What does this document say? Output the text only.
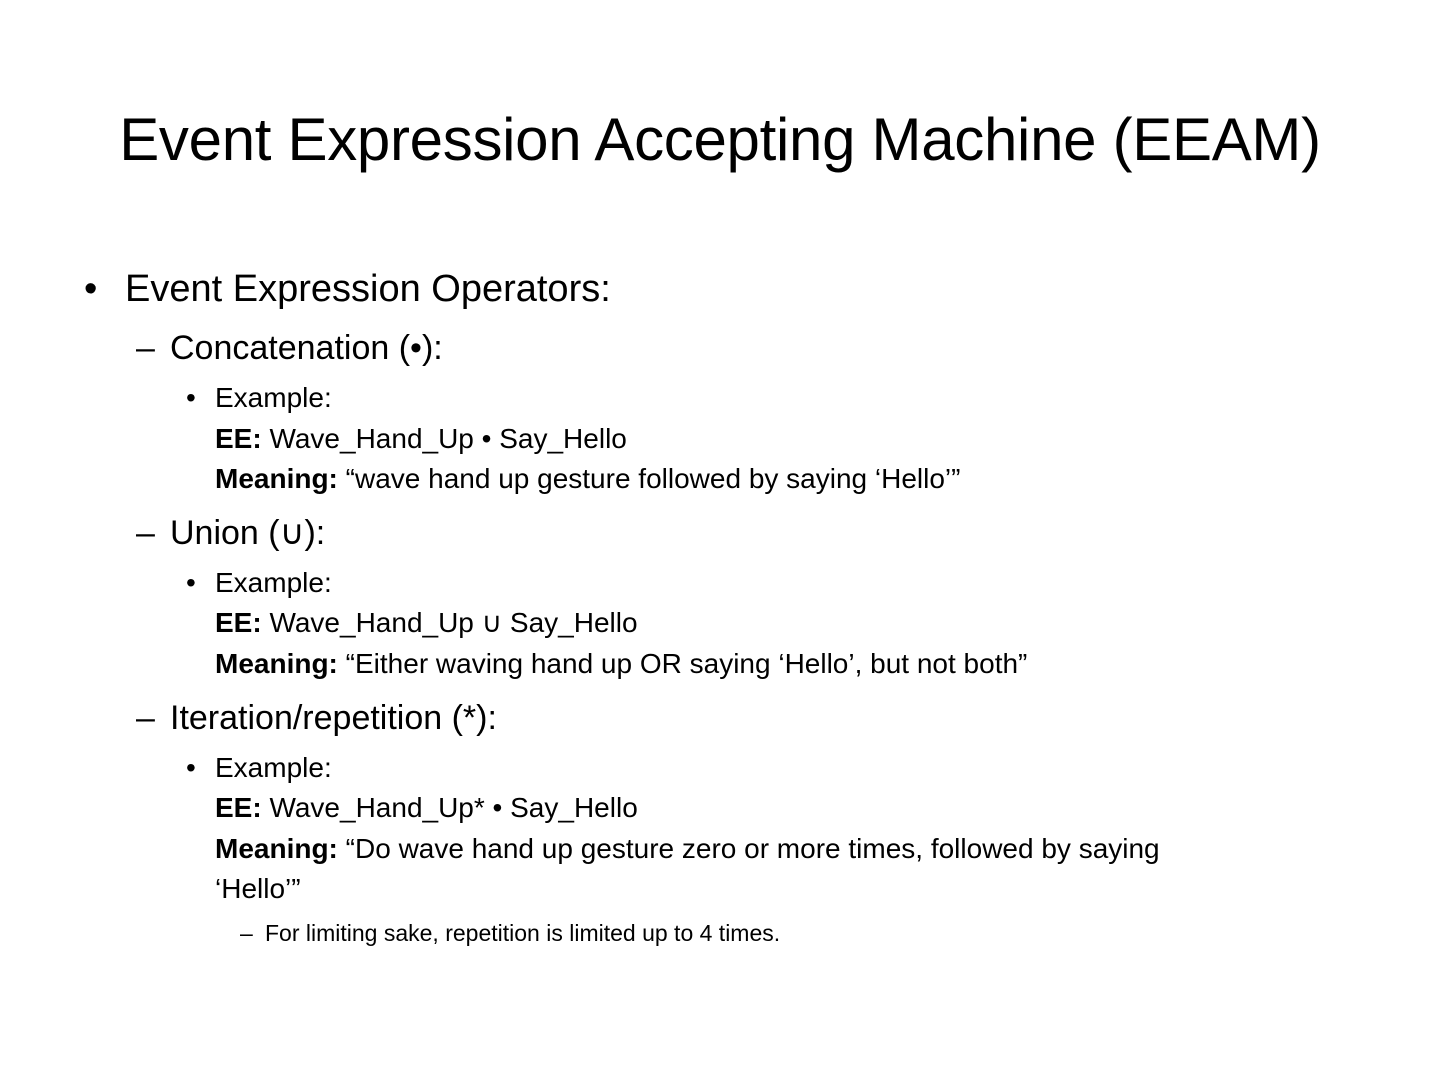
Event Expression Accepting Machine (EEAM)
• Event Expression Operators:
– Concatenation (•):
• Example:
EE: Wave_Hand_Up • Say_Hello
Meaning: “wave hand up gesture followed by saying ‘Hello’”
– Union (∪):
• Example:
EE: Wave_Hand_Up ∪ Say_Hello
Meaning: “Either waving hand up OR saying ‘Hello’, but not both”
– Iteration/repetition (*):
• Example:
EE: Wave_Hand_Up* • Say_Hello
Meaning: “Do wave hand up gesture zero or more times, followed by saying
‘Hello’”
– For limiting sake, repetition is limited up to 4 times.
